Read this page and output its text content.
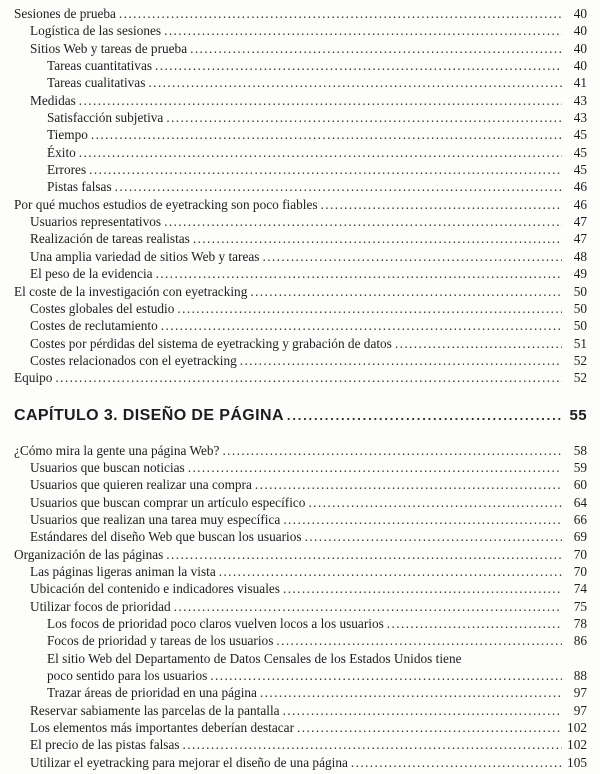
Sesiones de prueba .....	40
Logística de las sesiones .....	40
Sitios Web y tareas de prueba .....	40
Tareas cuantitativas .....	40
Tareas cualitativas .....	41
Medidas .....	43
Satisfacción subjetiva .....	43
Tiempo .....	45
Éxito .....	45
Errores .....	45
Pistas falsas .....	46
Por qué muchos estudios de eyetracking son poco fiables .....	46
Usuarios representativos .....	47
Realización de tareas realistas .....	47
Una amplia variedad de sitios Web y tareas .....	48
El peso de la evidencia .....	49
El coste de la investigación con eyetracking .....	50
Costes globales del estudio .....	50
Costes de reclutamiento .....	50
Costes por pérdidas del sistema de eyetracking y grabación de datos .....	51
Costes relacionados con el eyetracking .....	52
Equipo .....	52
CAPÍTULO 3. DISEÑO DE PÁGINA .....	55
¿Cómo mira la gente una página Web? .....	58
Usuarios que buscan noticias .....	59
Usuarios que quieren realizar una compra .....	60
Usuarios que buscan comprar un artículo específico .....	64
Usuarios que realizan una tarea muy específica .....	66
Estándares del diseño Web que buscan los usuarios .....	69
Organización de las páginas .....	70
Las páginas ligeras animan la vista .....	70
Ubicación del contenido e indicadores visuales .....	74
Utilizar focos de prioridad .....	75
Los focos de prioridad poco claros vuelven locos a los usuarios .....	78
Focos de prioridad y tareas de los usuarios .....	86
El sitio Web del Departamento de Datos Censales de los Estados Unidos tiene
poco sentido para los usuarios .....	88
Trazar áreas de prioridad en una página .....	97
Reservar sabiamente las parcelas de la pantalla .....	97
Los elementos más importantes deberían destacar .....	102
El precio de las pistas falsas .....	102
Utilizar el eyetracking para mejorar el diseño de una página .....	105
